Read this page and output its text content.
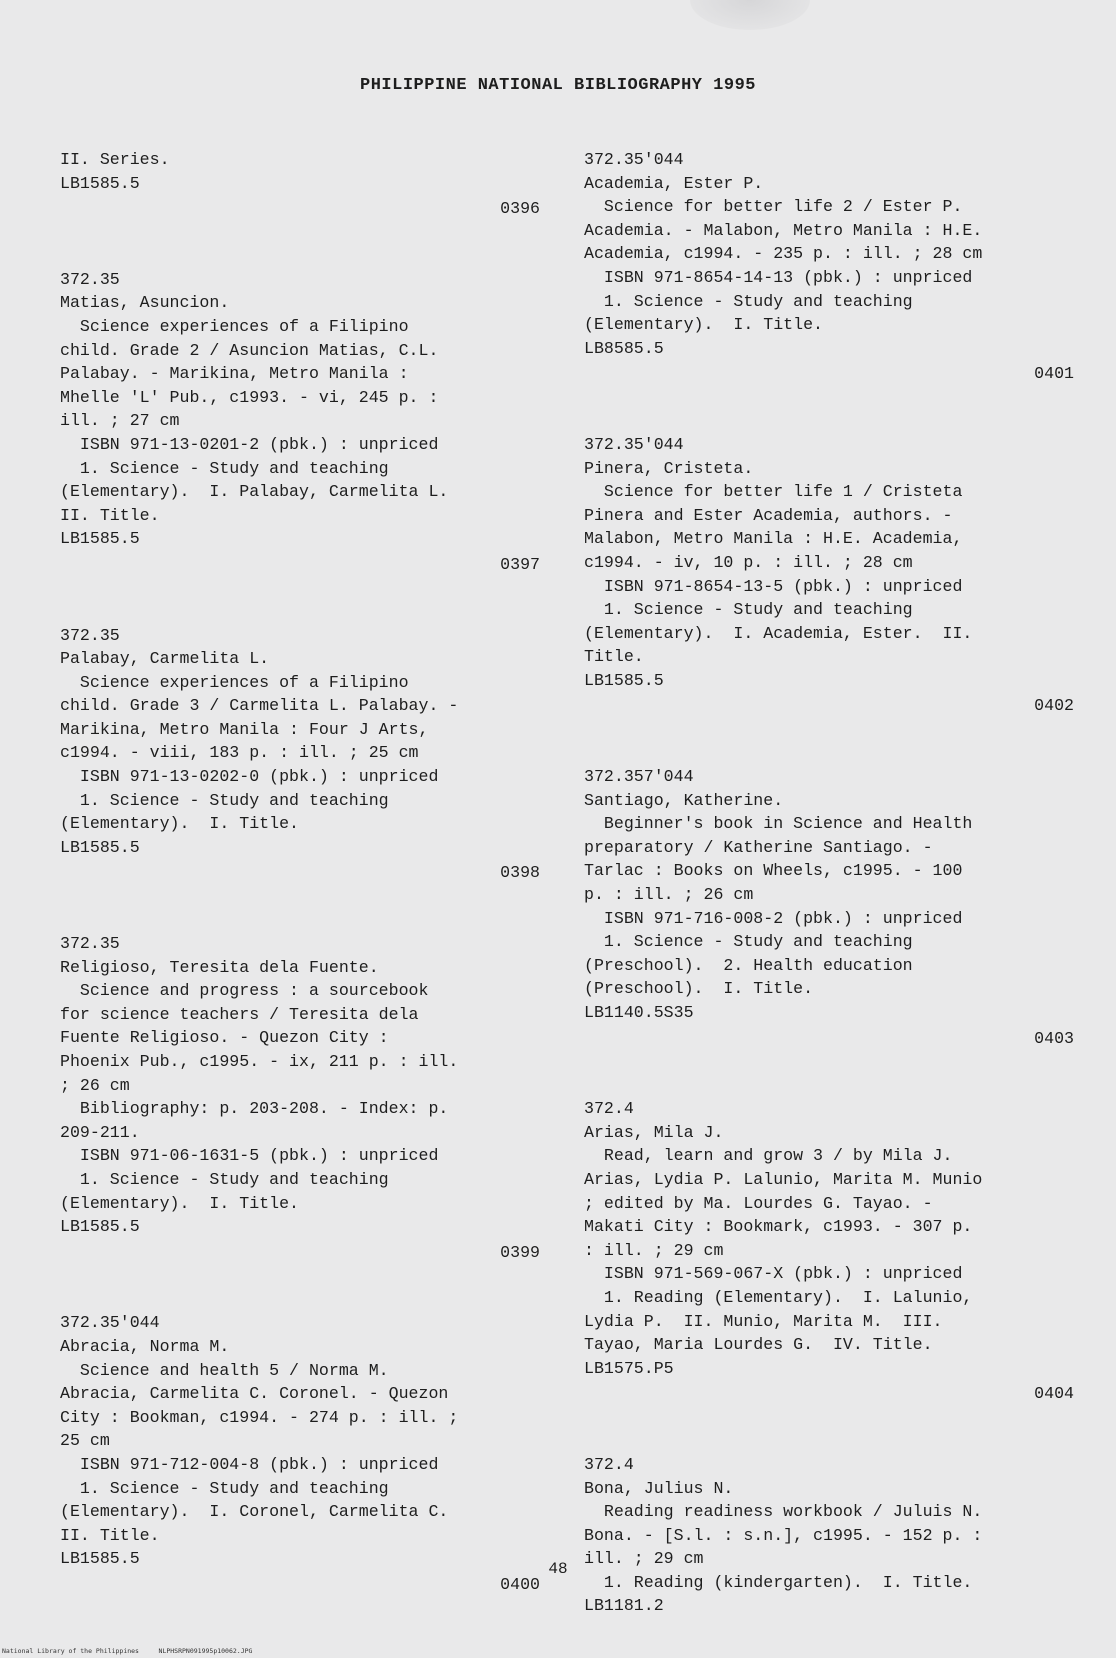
PHILIPPINE NATIONAL BIBLIOGRAPHY 1995
II. Series.
LB1585.5
0396
372.35
Matias, Asuncion.
Science experiences of a Filipino
child. Grade 2 / Asuncion Matias, C.L.
Palabay. - Marikina, Metro Manila :
Mhelle 'L' Pub., c1993. - vi, 245 p. :
ill. ; 27 cm
ISBN 971-13-0201-2 (pbk.) : unpriced
1. Science - Study and teaching
(Elementary).  I. Palabay, Carmelita L.
II. Title.
LB1585.5
0397
372.35
Palabay, Carmelita L.
Science experiences of a Filipino
child. Grade 3 / Carmelita L. Palabay. -
Marikina, Metro Manila : Four J Arts,
c1994. - viii, 183 p. : ill. ; 25 cm
ISBN 971-13-0202-0 (pbk.) : unpriced
1. Science - Study and teaching
(Elementary).  I. Title.
LB1585.5
0398
372.35
Religioso, Teresita dela Fuente.
Science and progress : a sourcebook
for science teachers / Teresita dela
Fuente Religioso. - Quezon City :
Phoenix Pub., c1995. - ix, 211 p. : ill.
; 26 cm
Bibliography: p. 203-208. - Index: p.
209-211.
ISBN 971-06-1631-5 (pbk.) : unpriced
1. Science - Study and teaching
(Elementary).  I. Title.
LB1585.5
0399
372.35'044
Abracia, Norma M.
Science and health 5 / Norma M.
Abracia, Carmelita C. Coronel. - Quezon
City : Bookman, c1994. - 274 p. : ill. ;
25 cm
ISBN 971-712-004-8 (pbk.) : unpriced
1. Science - Study and teaching
(Elementary).  I. Coronel, Carmelita C.
II. Title.
LB1585.5
0400
372.35'044
Academia, Ester P.
Science for better life 2 / Ester P.
Academia. - Malabon, Metro Manila : H.E.
Academia, c1994. - 235 p. : ill. ; 28 cm
ISBN 971-8654-14-13 (pbk.) : unpriced
1. Science - Study and teaching
(Elementary).  I. Title.
LB8585.5
0401
372.35'044
Pinera, Cristeta.
Science for better life 1 / Cristeta
Pinera and Ester Academia, authors. -
Malabon, Metro Manila : H.E. Academia,
c1994. - iv, 10 p. : ill. ; 28 cm
ISBN 971-8654-13-5 (pbk.) : unpriced
1. Science - Study and teaching
(Elementary).  I. Academia, Ester.  II.
Title.
LB1585.5
0402
372.357'044
Santiago, Katherine.
Beginner's book in Science and Health
preparatory / Katherine Santiago. -
Tarlac : Books on Wheels, c1995. - 100
p. : ill. ; 26 cm
ISBN 971-716-008-2 (pbk.) : unpriced
1. Science - Study and teaching
(Preschool).  2. Health education
(Preschool).  I. Title.
LB1140.5S35
0403
372.4
Arias, Mila J.
Read, learn and grow 3 / by Mila J.
Arias, Lydia P. Lalunio, Marita M. Munio
; edited by Ma. Lourdes G. Tayao. -
Makati City : Bookmark, c1993. - 307 p.
: ill. ; 29 cm
ISBN 971-569-067-X (pbk.) : unpriced
1. Reading (Elementary).  I. Lalunio,
Lydia P.  II. Munio, Marita M.  III.
Tayao, Maria Lourdes G.  IV. Title.
LB1575.P5
0404
372.4
Bona, Julius N.
Reading readiness workbook / Juluis N.
Bona. - [S.l. : s.n.], c1995. - 152 p. :
ill. ; 29 cm
1. Reading (kindergarten).  I. Title.
LB1181.2
48
National Library of the Philippines     NLPHSRPN091995p10062.JPG
